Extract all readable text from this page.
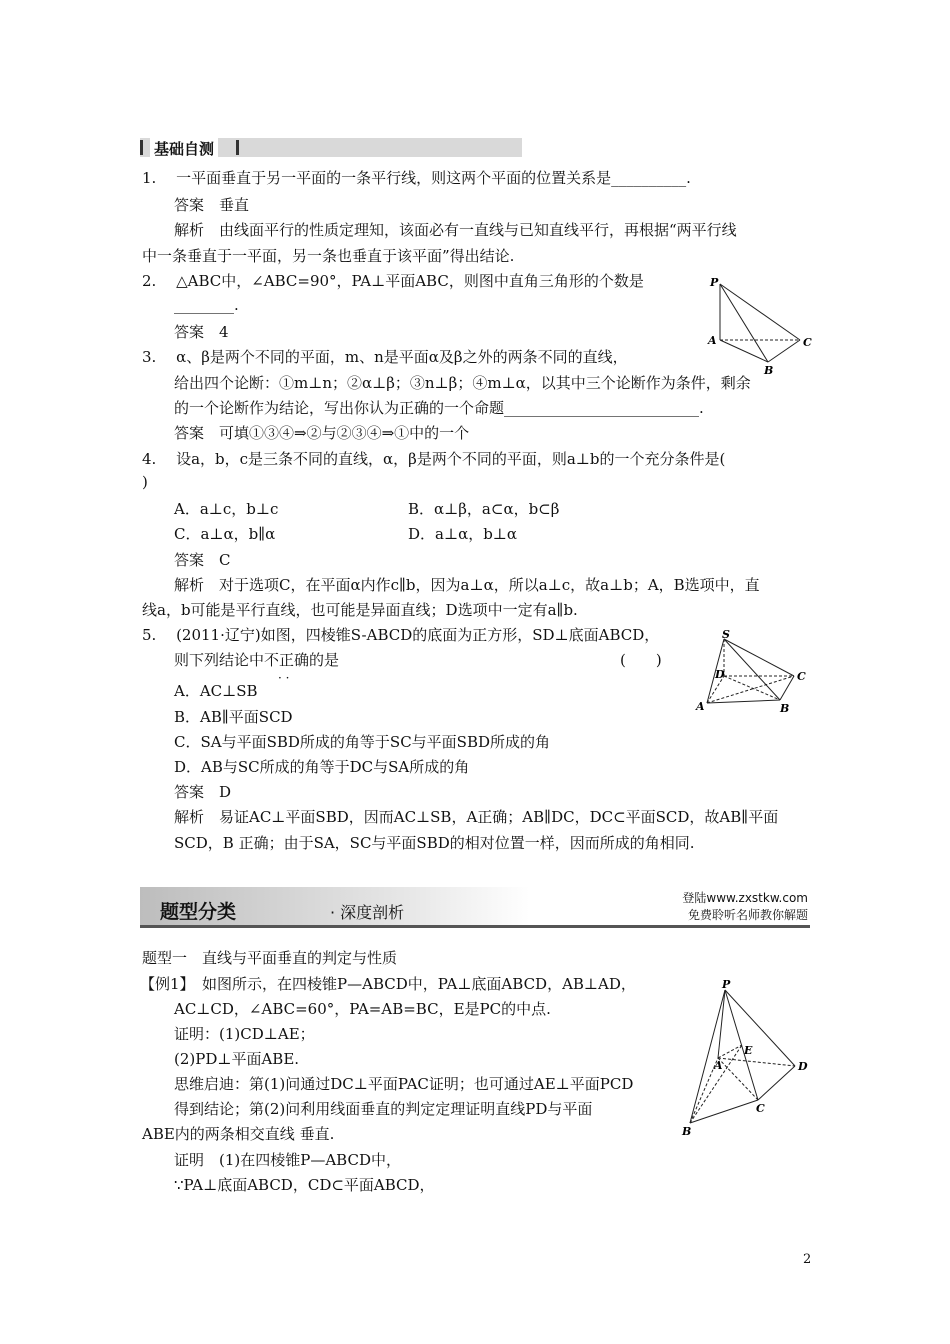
基础自测
1.　 一平面垂直于另一平面的一条平行线，则这两个平面的位置关系是__________.
答案　垂直
解析　由线面平行的性质定理知，该面必有一直线与已知直线平行，再根据“两平行线
中一条垂直于一平面，另一条也垂直于该平面”得出结论.
2.　 △ABC中，∠ABC=90°，PA⊥平面ABC，则图中直角三角形的个数是
________.
答案　4
3.　 α、β是两个不同的平面，m、n是平面α及β之外的两条不同的直线，
给出四个论断：①m⊥n；②α⊥β；③n⊥β；④m⊥α，以其中三个论断作为条件，剩余
的一个论断作为结论，写出你认为正确的一个命题__________________________.
答案　可填①③④⇒②与②③④⇒①中的一个
4.　 设a，b，c是三条不同的直线，α，β是两个不同的平面，则a⊥b的一个充分条件是(
)
A．a⊥c，b⊥c	B．α⊥β，a⊂α，b⊂β
C．a⊥α，b∥α	D．a⊥α，b⊥α
答案　C
解析　对于选项C，在平面α内作c∥b，因为a⊥α，所以a⊥c，故a⊥b；A，B选项中，直
线a，b可能是平行直线，也可能是异面直线；D选项中一定有a∥b.
5.　 (2011·辽宁)如图，四棱锥S-ABCD的底面为正方形，SD⊥底面ABCD，
则下列结论中不正确的是	(　　)
A．AC⊥SB
B．AB∥平面SCD
C．SA与平面SBD所成的角等于SC与平面SBD所成的角
D．AB与SC所成的角等于DC与SA所成的角
答案　D
解析　易证AC⊥平面SBD，因而AC⊥SB，A正确；AB∥DC，DC⊂平面SCD，故AB∥平面
SCD，B 正确；由于SA，SC与平面SBD的相对位置一样，因而所成的角相同.
题型一　直线与平面垂直的判定与性质
【例1】　如图所示，在四棱锥P—ABCD中，PA⊥底面ABCD，AB⊥AD，
AC⊥CD，∠ABC=60°，PA=AB=BC，E是PC的中点.
证明：(1)CD⊥AE；
(2)PD⊥平面ABE.
思维启迪：第(1)问通过DC⊥平面PAC证明；也可通过AE⊥平面PCD
得到结论；第(2)问利用线面垂直的判定定理证明直线PD与平面
ABE内的两条相交直线 垂直.
证明　(1)在四棱锥P—ABCD中，
∵PA⊥底面ABCD，CD⊂平面ABCD，
· ·
P
A
B
C
S
D	C
A	B
题型分类	· 深度剖析
登陆www.zxstkw.com
免费聆听名师教你解题
P
E
A	D
C
B
2
